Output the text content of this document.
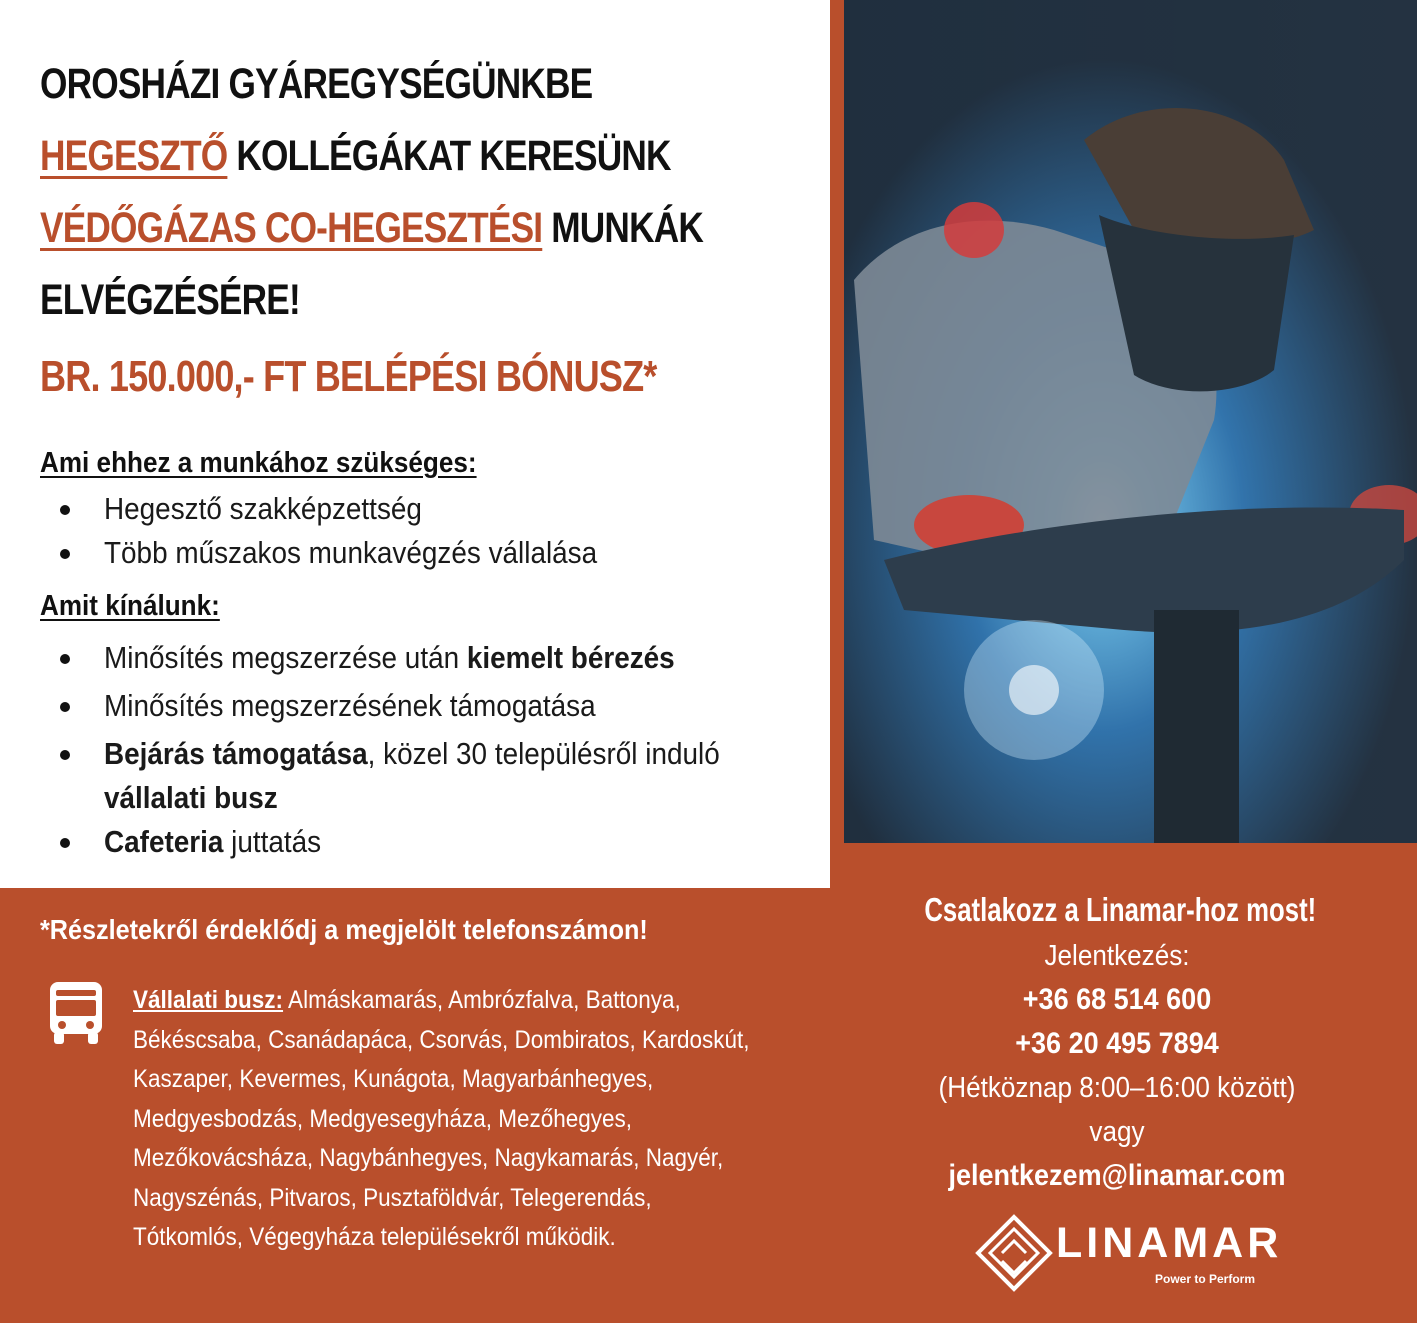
OROSHÁZI GYÁREGYSÉGÜNKBE
HEGESZTŐ KOLLÉGÁKAT KERESÜNK
VÉDŐGÁZAS CO-HEGESZTÉSI MUNKÁK
ELVÉGZÉSÉRE!
BR. 150.000,- FT BELÉPÉSI BÓNUSZ*
Ami ehhez a munkához szükséges:
Hegesztő szakképzettség
Több műszakos munkavégzés vállalása
Amit kínálunk:
Minősítés megszerzése után kiemelt bérezés
Minősítés megszerzésének támogatása
Bejárás támogatása, közel 30 településről induló vállalati busz
Cafeteria juttatás
*Részletekről érdeklődj a megjelölt telefonszámon!
Vállalati busz: Almáskamarás, Ambrózfalva, Battonya, Békéscsaba, Csanádapáca, Csorvás, Dombiratos, Kardoskút, Kaszaper, Kevermes, Kunágota, Magyarbánhegyes, Medgyesbodzás, Medgyesegyháza, Mezőhegyes, Mezőkovácsháza, Nagybánhegyes, Nagykamarás, Nagyér, Nagyszénás, Pitvaros, Pusztaföldvár, Telegerendás, Tótkomlós, Végegyháza településekről működik.
Csatlakozz a Linamar-hoz most!
Jelentkezés:
+36 68 514 600
+36 20 495 7894
(Hétköznap 8:00–16:00 között)
vagy
jelentkezem@linamar.com
LINAMAR
Power to Perform
